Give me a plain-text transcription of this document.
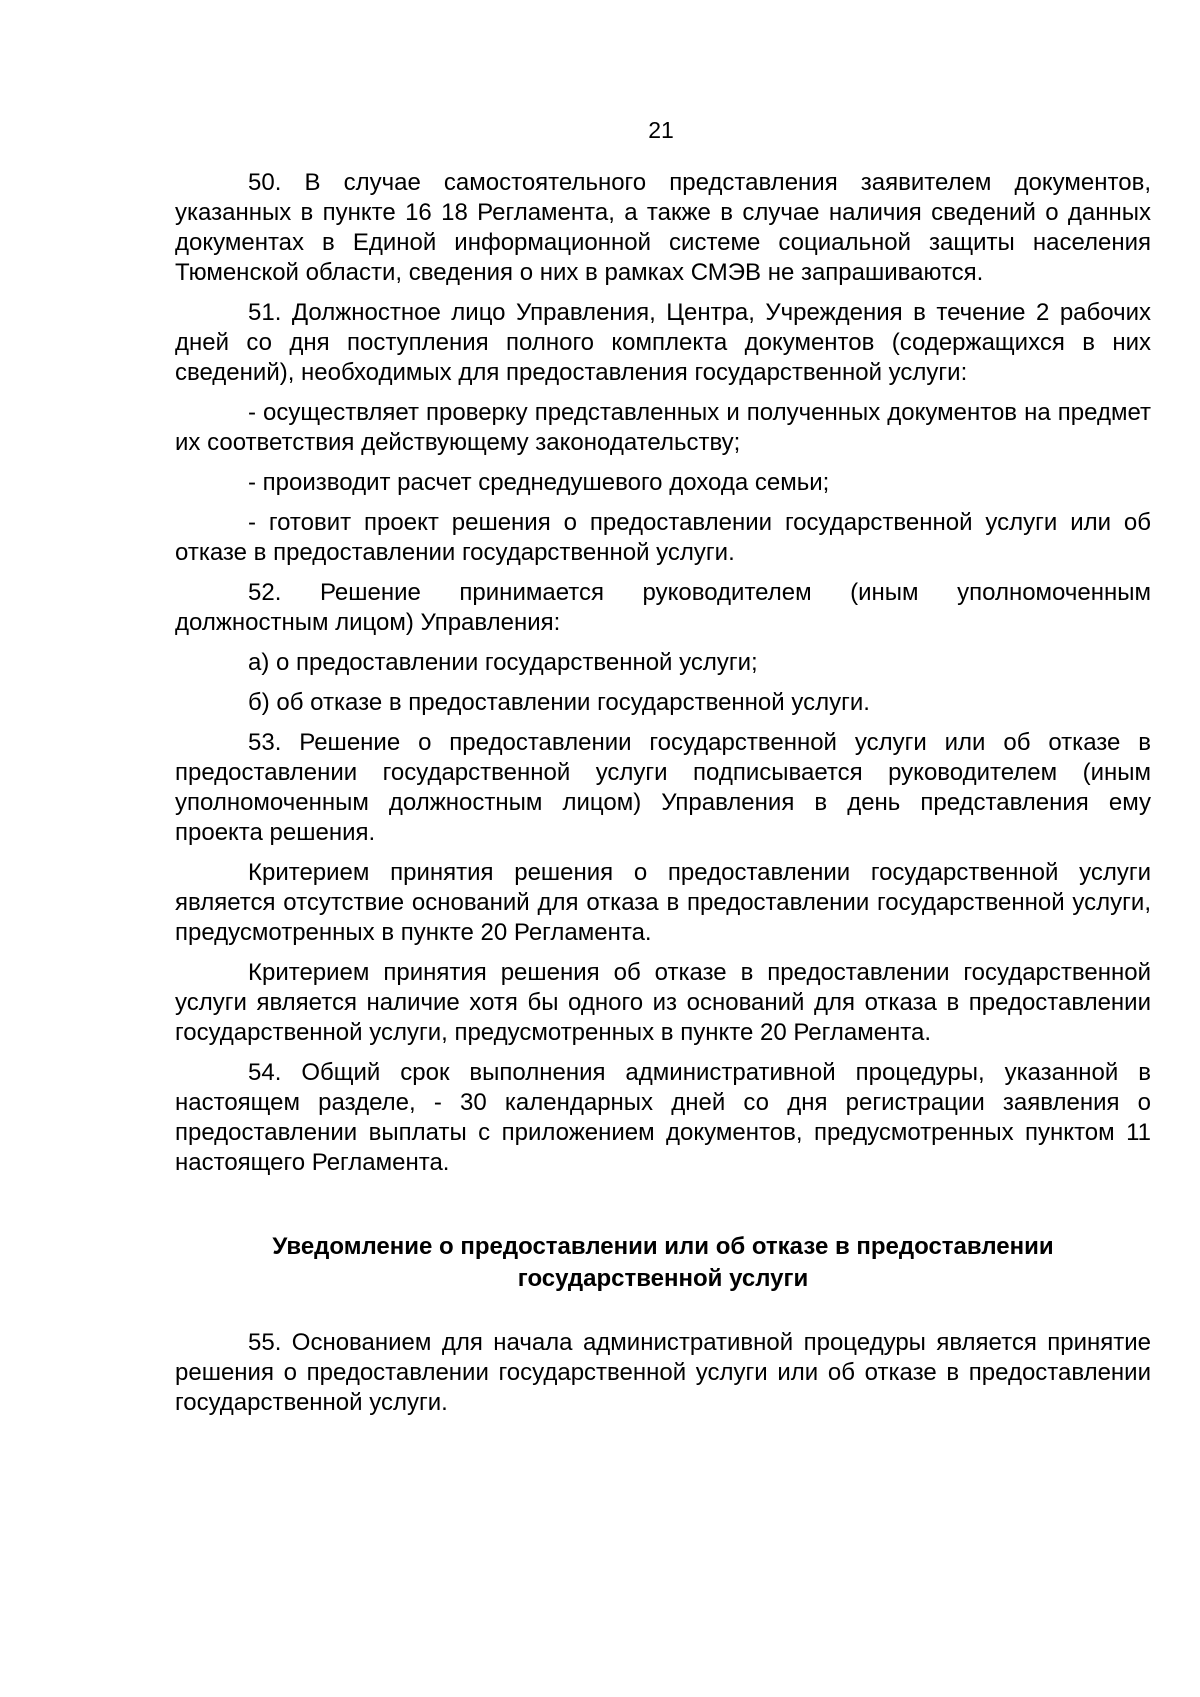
21

50. В случае самостоятельного представления заявителем документов, указанных в пункте 16 18 Регламента, а также в случае наличия сведений о данных документах в Единой информационной системе социальной защиты населения Тюменской области, сведения о них в рамках СМЭВ не запрашиваются.

51. Должностное лицо Управления, Центра, Учреждения в течение 2 рабочих дней со дня поступления полного комплекта документов (содержащихся в них сведений), необходимых для предоставления государственной услуги:

- осуществляет проверку представленных и полученных документов на предмет их соответствия действующему законодательству;

- производит расчет среднедушевого дохода семьи;

- готовит проект решения о предоставлении государственной услуги или об отказе в предоставлении государственной услуги.

52. Решение принимается руководителем (иным уполномоченным должностным лицом) Управления:

а) о предоставлении государственной услуги;

б) об отказе в предоставлении государственной услуги.

53. Решение о предоставлении государственной услуги или об отказе в предоставлении государственной услуги подписывается руководителем (иным уполномоченным должностным лицом) Управления в день представления ему проекта решения.

Критерием принятия решения о предоставлении государственной услуги является отсутствие оснований для отказа в предоставлении государственной услуги, предусмотренных в пункте 20 Регламента.

Критерием принятия решения об отказе в предоставлении государственной услуги является наличие хотя бы одного из оснований для отказа в предоставлении государственной услуги, предусмотренных в пункте 20 Регламента.

54. Общий срок выполнения административной процедуры, указанной в настоящем разделе, - 30 календарных дней со дня регистрации заявления о предоставлении выплаты с приложением документов, предусмотренных пунктом 11 настоящего Регламента.

Уведомление о предоставлении или об отказе в предоставлении
государственной услуги

55. Основанием для начала административной процедуры является принятие решения о предоставлении государственной услуги или об отказе в предоставлении государственной услуги.
